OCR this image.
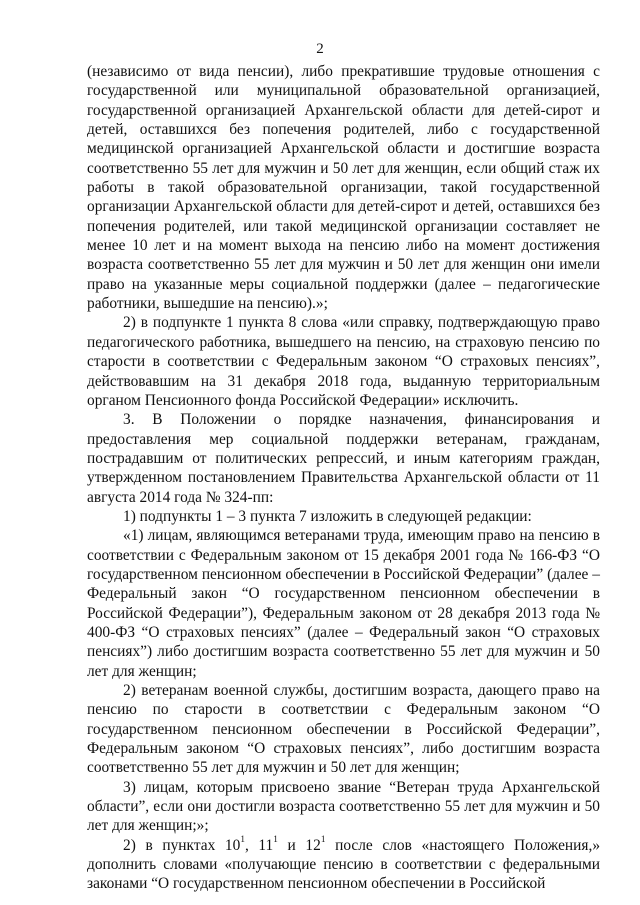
2

(независимо от вида пенсии), либо прекратившие трудовые отношения с государственной или муниципальной образовательной организацией, государственной организацией Архангельской области для детей-сирот и детей, оставшихся без попечения родителей, либо с государственной медицинской организацией Архангельской области и достигшие возраста соответственно 55 лет для мужчин и 50 лет для женщин, если общий стаж их работы в такой образовательной организации, такой государственной организации Архангельской области для детей-сирот и детей, оставшихся без попечения родителей, или такой медицинской организации составляет не менее 10 лет и на момент выхода на пенсию либо на момент достижения возраста соответственно 55 лет для мужчин и 50 лет для женщин они имели право на указанные меры социальной поддержки (далее – педагогические работники, вышедшие на пенсию).»;

2) в подпункте 1 пункта 8 слова «или справку, подтверждающую право педагогического работника, вышедшего на пенсию, на страховую пенсию по старости в соответствии с Федеральным законом “О страховых пенсиях”, действовавшим на 31 декабря 2018 года, выданную территориальным органом Пенсионного фонда Российской Федерации» исключить.

3. В Положении о порядке назначения, финансирования и предоставления мер социальной поддержки ветеранам, гражданам, пострадавшим от политических репрессий, и иным категориям граждан, утвержденном постановлением Правительства Архангельской области от 11 августа 2014 года № 324-пп:

1) подпункты 1 – 3 пункта 7 изложить в следующей редакции:

«1) лицам, являющимся ветеранами труда, имеющим право на пенсию в соответствии с Федеральным законом от 15 декабря 2001 года № 166-ФЗ “О государственном пенсионном обеспечении в Российской Федерации” (далее – Федеральный закон “О государственном пенсионном обеспечении в Российской Федерации”), Федеральным законом от 28 декабря 2013 года № 400-ФЗ “О страховых пенсиях” (далее – Федеральный закон “О страховых пенсиях”) либо достигшим возраста соответственно 55 лет для мужчин и 50 лет для женщин;

2) ветеранам военной службы, достигшим возраста, дающего право на пенсию по старости в соответствии с Федеральным законом “О государственном пенсионном обеспечении в Российской Федерации”, Федеральным законом “О страховых пенсиях”, либо достигшим возраста соответственно 55 лет для мужчин и 50 лет для женщин;

3) лицам, которым присвоено звание “Ветеран труда Архангельской области”, если они достигли возраста соответственно 55 лет для мужчин и 50 лет для женщин;»;

2) в пунктах $10^1$, $11^1$ и $12^1$ после слов «настоящего Положения,» дополнить словами «получающие пенсию в соответствии с федеральными законами “О государственном пенсионном обеспечении в Российской
